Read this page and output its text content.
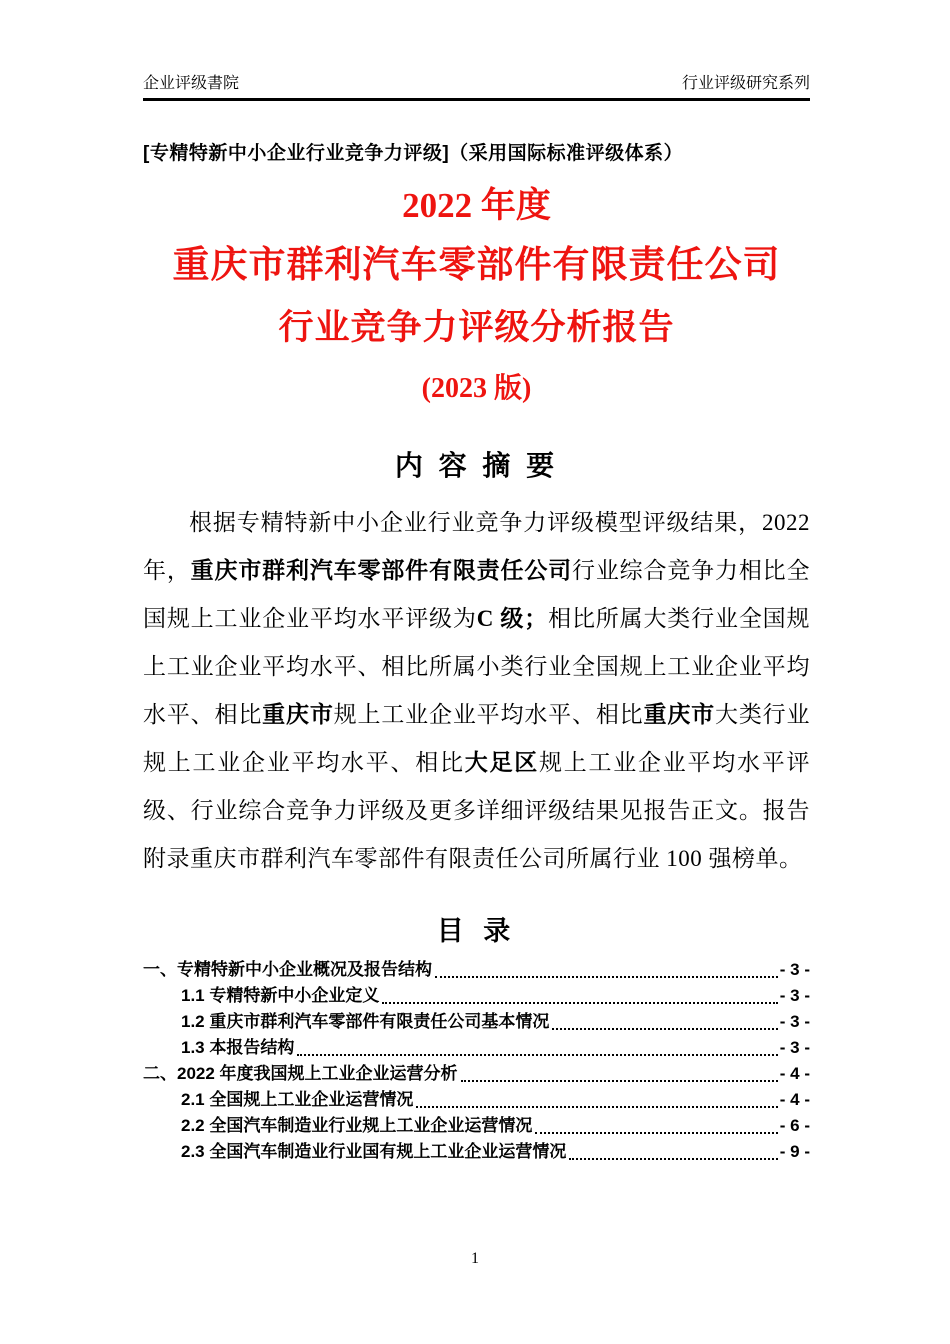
企业评级書院	行业评级研究系列
[专精特新中小企业行业竞争力评级]（采用国际标准评级体系）
2022 年度
重庆市群利汽车零部件有限责任公司
行业竞争力评级分析报告
(2023 版)
内 容 摘 要

根据专精特新中小企业行业竞争力评级模型评级结果，2022 年，重庆市群利汽车零部件有限责任公司行业综合竞争力相比全国规上工业企业平均水平评级为C 级；相比所属大类行业全国规上工业企业平均水平、相比所属小类行业全国规上工业企业平均水平、相比重庆市规上工业企业平均水平、相比重庆市大类行业规上工业企业平均水平、相比大足区规上工业企业平均水平评级、行业综合竞争力评级及更多详细评级结果见报告正文。报告附录重庆市群利汽车零部件有限责任公司所属行业 100 强榜单。

目 录
一、专精特新中小企业概况及报告结构	- 3 -
1.1 专精特新中小企业定义	- 3 -
1.2 重庆市群利汽车零部件有限责任公司基本情况	- 3 -
1.3 本报告结构	- 3 -
二、2022 年度我国规上工业企业运营分析	- 4 -
2.1 全国规上工业企业运营情况	- 4 -
2.2 全国汽车制造业行业规上工业企业运营情况	- 6 -
2.3 全国汽车制造业行业国有规上工业企业运营情况	- 9 -
1
